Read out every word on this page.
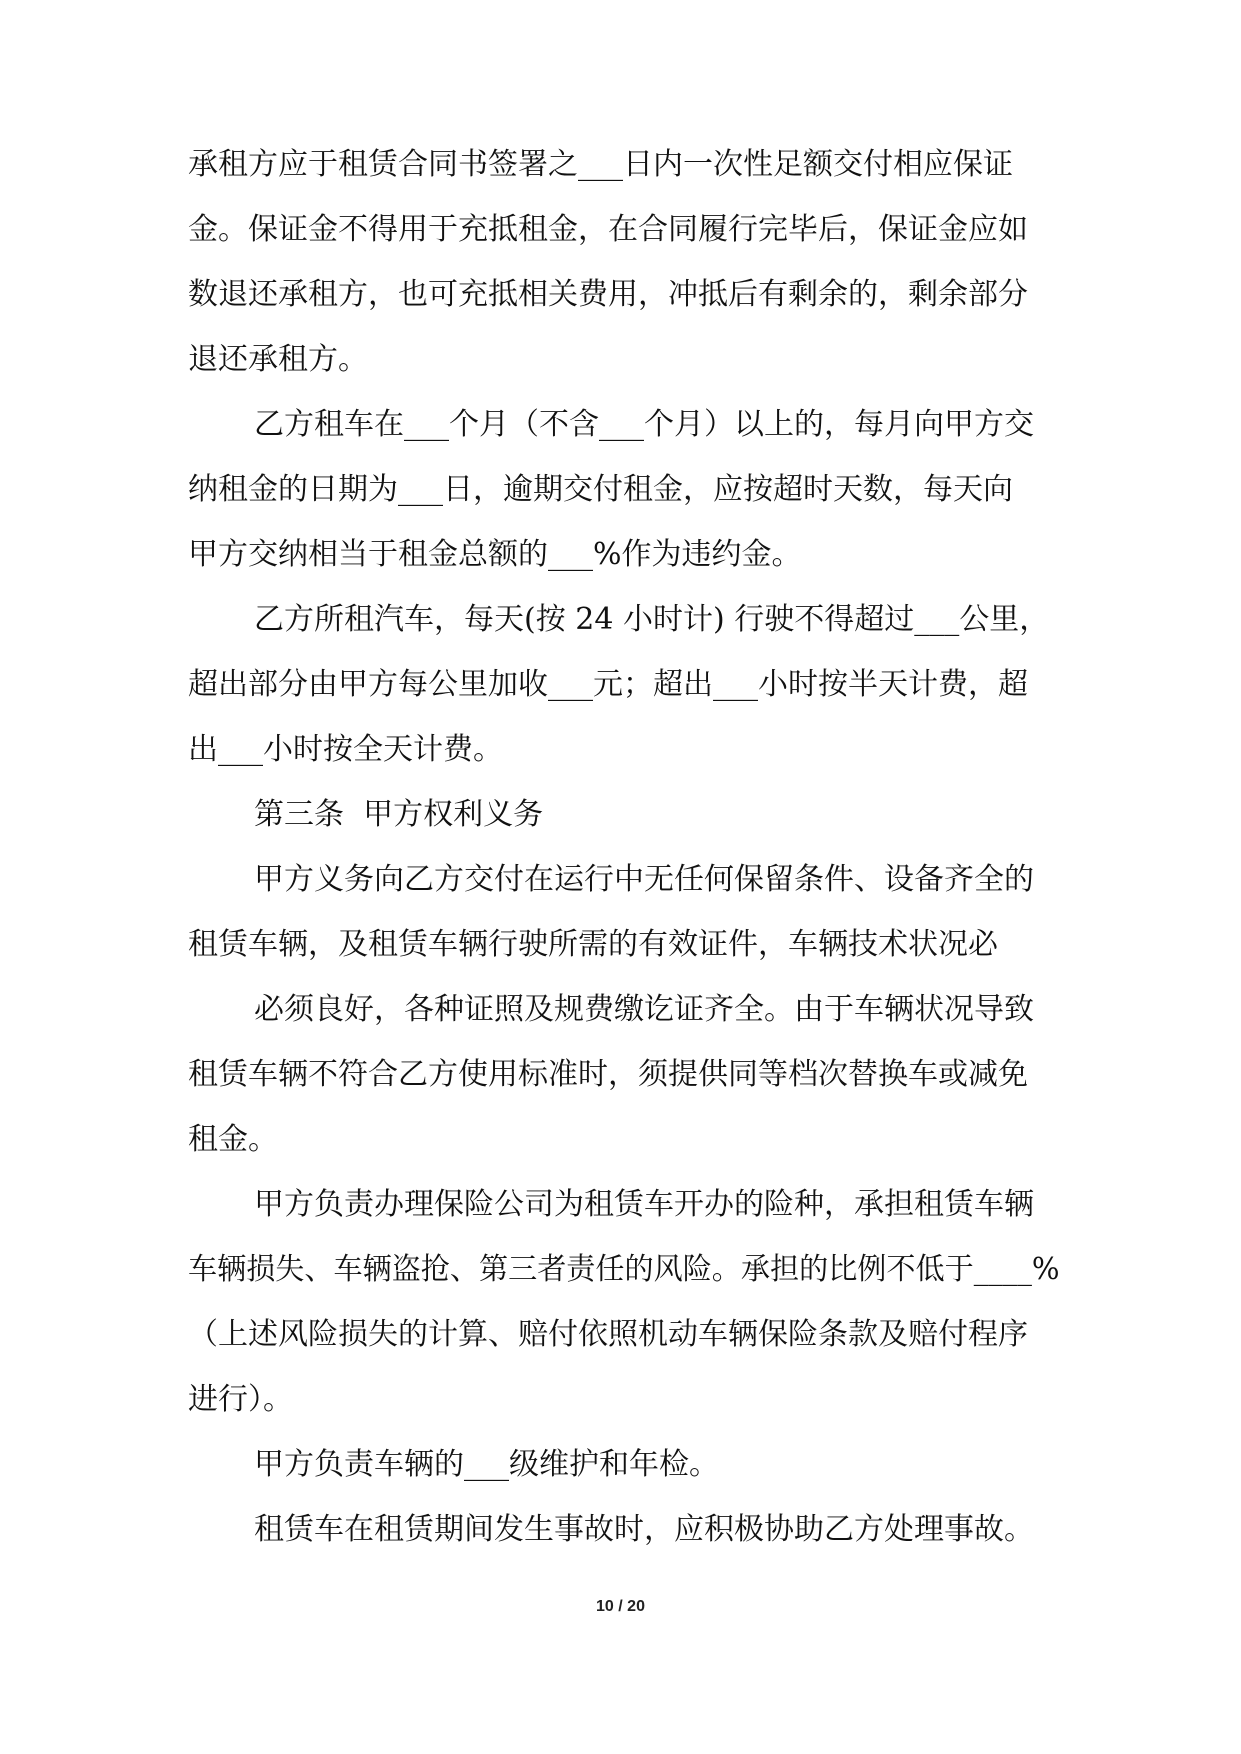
承租方应于租赁合同书签署之___日内一次性足额交付相应保证
金。保证金不得用于充抵租金，在合同履行完毕后，保证金应如
数退还承租方，也可充抵相关费用，冲抵后有剩余的，剩余部分
退还承租方。
乙方租车在___个月（不含___个月）以上的，每月向甲方交
纳租金的日期为___日，逾期交付租金，应按超时天数，每天向
甲方交纳相当于租金总额的___%作为违约金。
乙方所租汽车，每天(按 24 小时计) 行驶不得超过___公里，
超出部分由甲方每公里加收___元；超出___小时按半天计费，超
出___小时按全天计费。
第三条  甲方权利义务
甲方义务向乙方交付在运行中无任何保留条件、设备齐全的
租赁车辆，及租赁车辆行驶所需的有效证件，车辆技术状况必
必须良好，各种证照及规费缴讫证齐全。由于车辆状况导致
租赁车辆不符合乙方使用标准时，须提供同等档次替换车或减免
租金。
甲方负责办理保险公司为租赁车开办的险种，承担租赁车辆
车辆损失、车辆盗抢、第三者责任的风险。承担的比例不低于____%
（上述风险损失的计算、赔付依照机动车辆保险条款及赔付程序
进行）。
甲方负责车辆的___级维护和年检。
租赁车在租赁期间发生事故时，应积极协助乙方处理事故。
10 / 20
